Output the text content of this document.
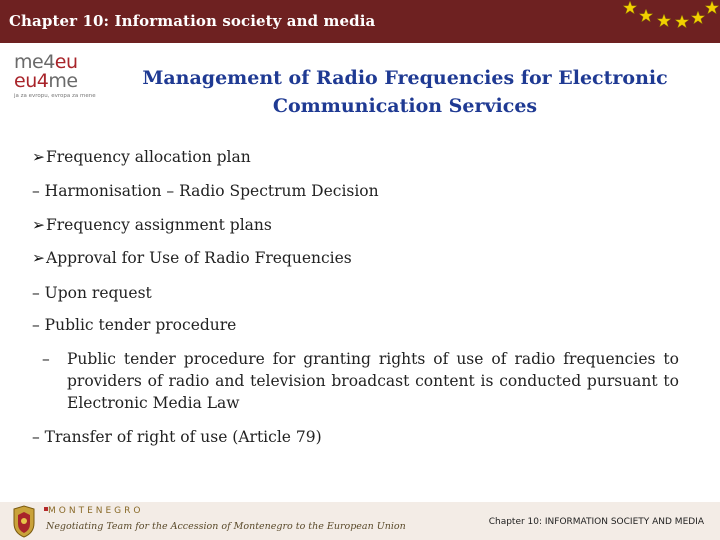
Chapter 10: Information society and media
me4eu
eu4me
ja za evropu, evropa za mene
Management of Radio Frequencies for Electronic
Communication Services
➢Frequency allocation plan
– Harmonisation – Radio Spectrum Decision
➢Frequency assignment plans
➢Approval for Use of Radio Frequencies
– Upon request
– Public tender procedure
– Public tender procedure for granting rights of use of radio frequencies to providers of radio and television broadcast content is conducted pursuant to Electronic Media Law
– Transfer of right of use (Article 79)
MONTENEGRO
Negotiating Team for the Accession of Montenegro to the European Union	Chapter 10: INFORMATION SOCIETY AND MEDIA
